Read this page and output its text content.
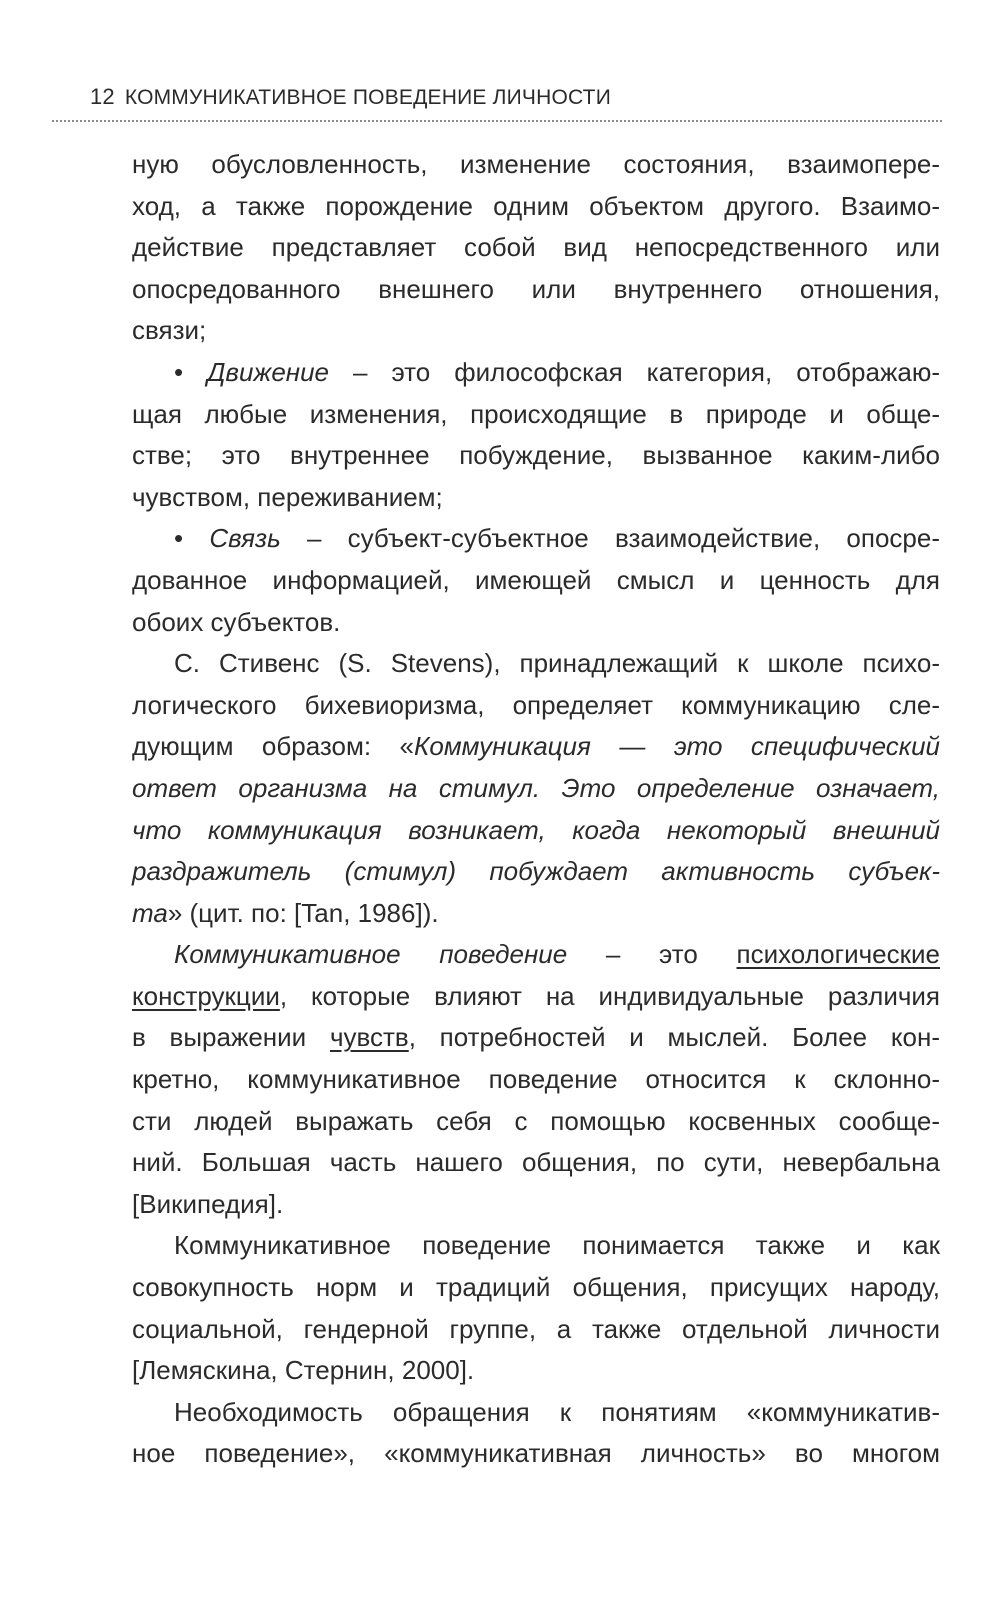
12 КОММУНИКАТИВНОЕ ПОВЕДЕНИЕ ЛИЧНОСТИ
ную обусловленность, изменение состояния, взаимопере-
ход, а также порождение одним объектом другого. Взаимо-
действие представляет собой вид непосредственного или
опосредованного внешнего или внутреннего отношения,
связи;
• Движение – это философская категория, отображаю-
щая любые изменения, происходящие в природе и обще-
стве; это внутреннее побуждение, вызванное каким-либо
чувством, переживанием;
• Связь – субъект-субъектное взаимодействие, опосре-
дованное информацией, имеющей смысл и ценность для
обоих субъектов.
С. Стивенс (S. Stevens), принадлежащий к школе психо-
логического бихевиоризма, определяет коммуникацию сле-
дующим образом: «Коммуникация — это специфический
ответ организма на стимул. Это определение означает,
что коммуникация возникает, когда некоторый внешний
раздражитель (стимул) побуждает активность субъек-
та» (цит. по: [Tan, 1986]).
Коммуникативное поведение – это психологические
конструкции, которые влияют на индивидуальные различия
в выражении чувств, потребностей и мыслей. Более кон-
кретно, коммуникативное поведение относится к склонно-
сти людей выражать себя с помощью косвенных сообще-
ний. Большая часть нашего общения, по сути, невербальна
[Википедия].
Коммуникативное поведение понимается также и как
совокупность норм и традиций общения, присущих народу,
социальной, гендерной группе, а также отдельной личности
[Лемяскина, Стернин, 2000].
Необходимость обращения к понятиям «коммуникатив-
ное поведение», «коммуникативная личность» во многом
